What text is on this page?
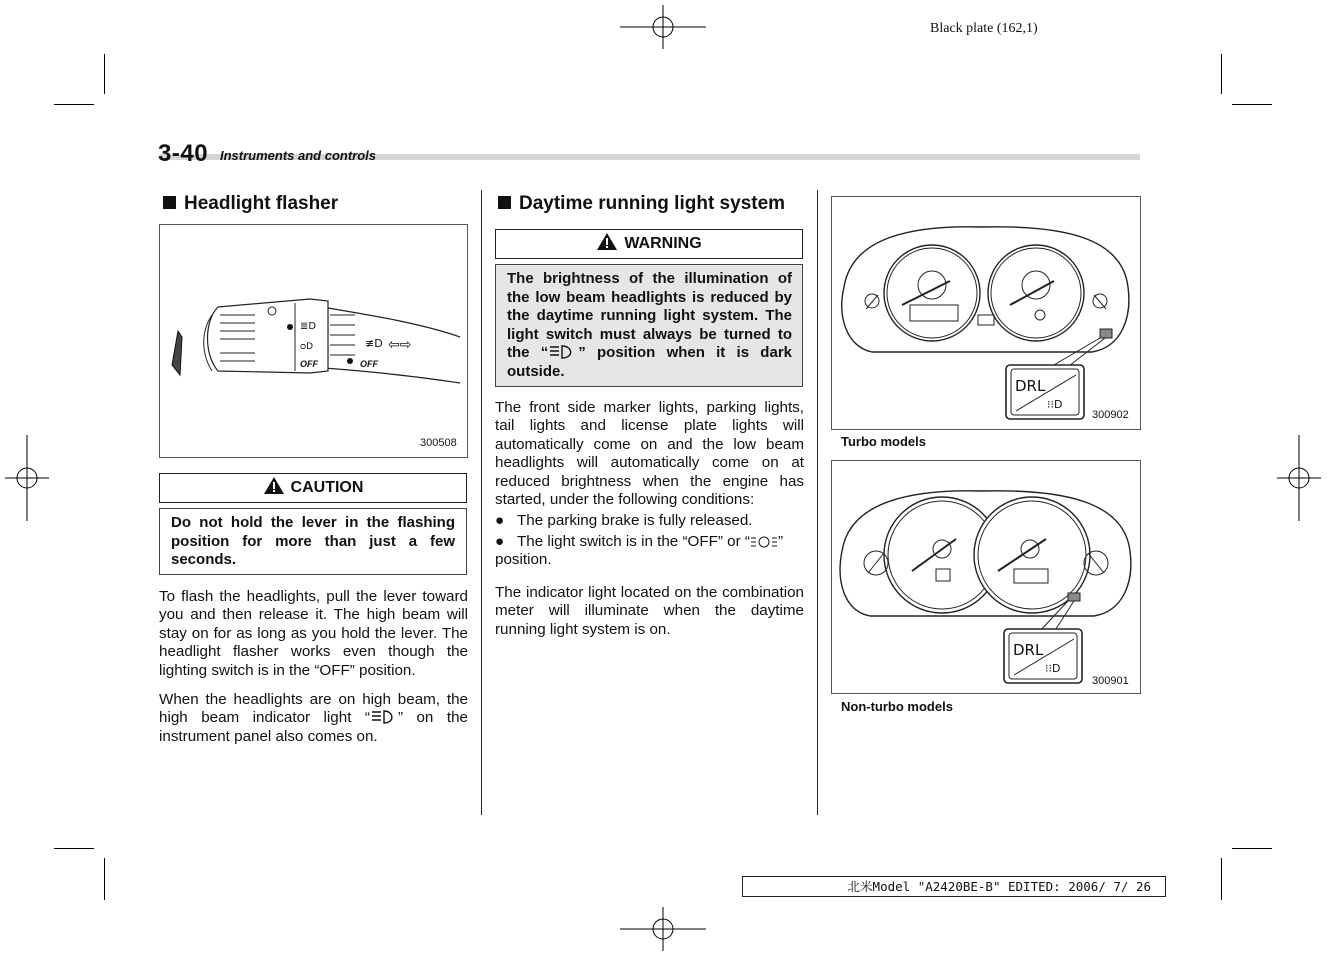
Black plate (162,1)
3-40 Instruments and controls
Headlight flasher
≣D
ᴑD	≢D ⇦⇨
OFF	OFF
300508
CAUTION
Do not hold the lever in the flashing position for more than just a few seconds.

To flash the headlights, pull the lever toward you and then release it. The high beam will stay on for as long as you hold the lever. The headlight flasher works even though the lighting switch is in the “OFF” position.

When the headlights are on high beam, the high beam indicator light “ ” on the instrument panel also comes on.

Daytime running light system
WARNING
The brightness of the illumination of the low beam headlights is reduced by the daytime running light system. The light switch must always be turned to the “ ” position when it is dark outside.
The front side marker lights, parking lights, tail lights and license plate lights will automatically come on and the low beam headlights will automatically come on at reduced brightness when the engine has started, under the following conditions:
● The parking brake is fully released.
● The light switch is in the “OFF” or “ ” position.
The indicator light located on the combination meter will illuminate when the daytime running light system is on.
DRL
⁝⁝D
300902
Turbo models
DRL
⁝⁝D
300901
Non-turbo models
北米Model "A2420BE-B" EDITED: 2006/ 7/ 26
